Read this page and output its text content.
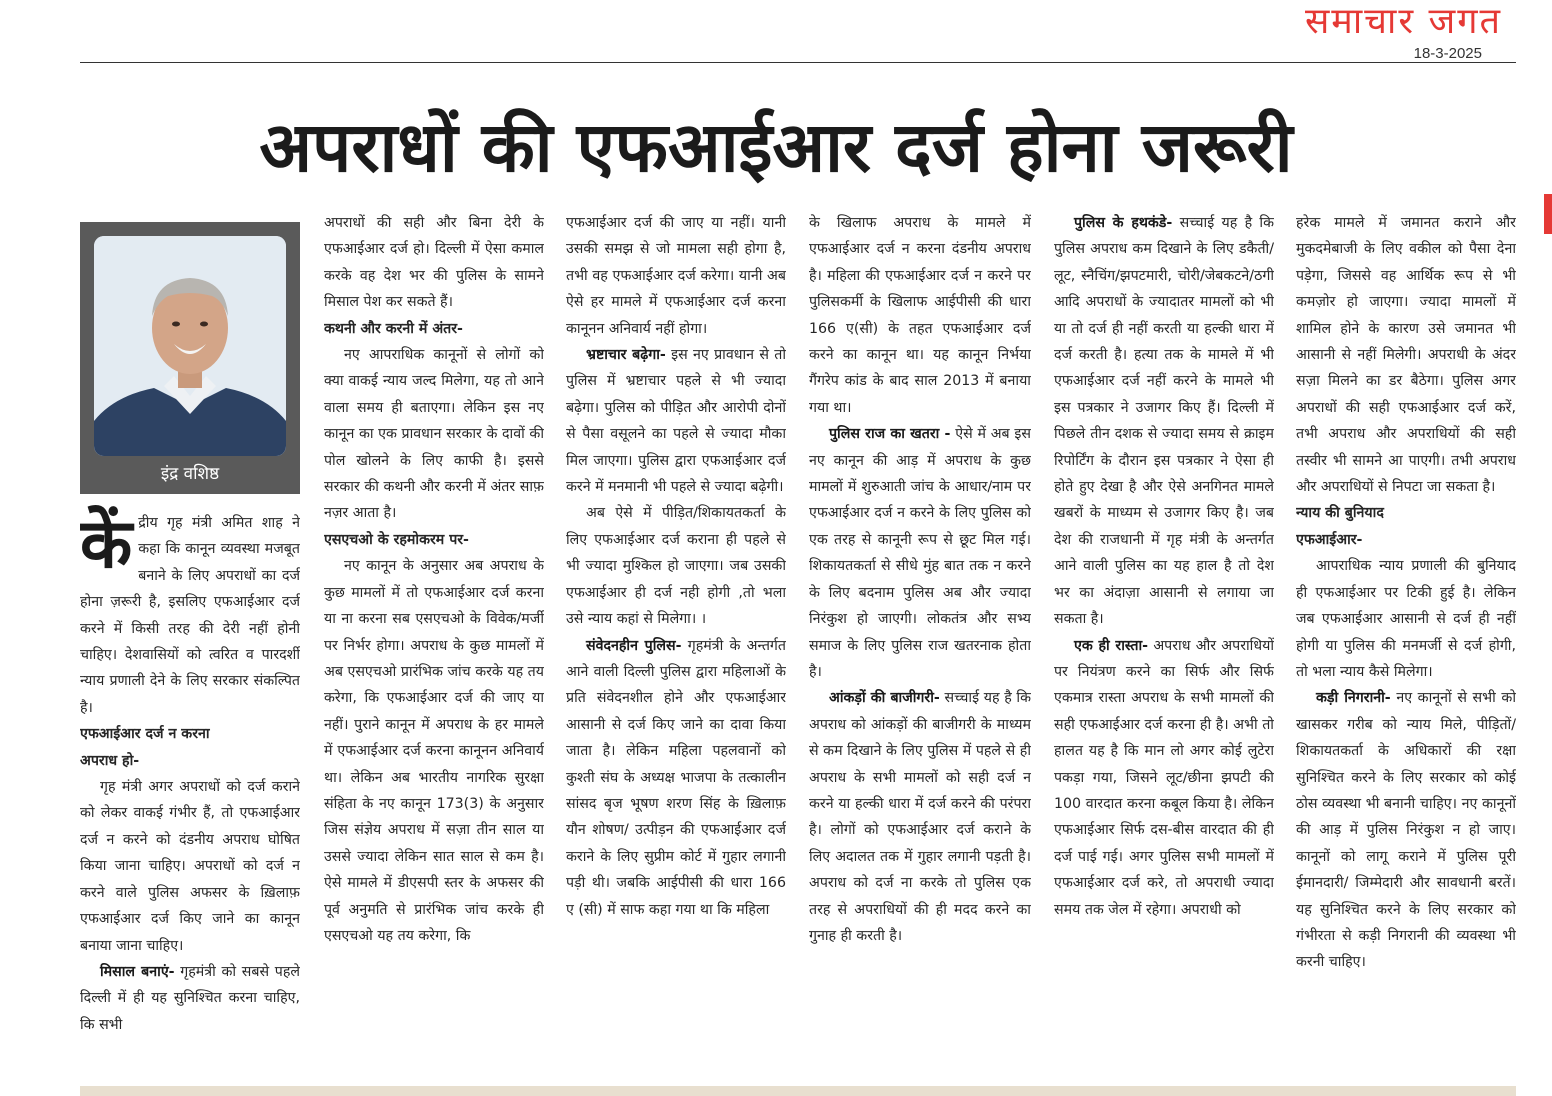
समाचार जगत
18-3-2025
अपराधों की एफआईआर दर्ज होना जरूरी
इंद्र वशिष्ठ
कें द्रीय गृह मंत्री अमित शाह ने कहा कि कानून व्यवस्था मजबूत बनाने के लिए अपराधों का दर्ज होना ज़रूरी है, इसलिए एफआईआर दर्ज करने में किसी तरह की देरी नहीं होनी चाहिए। देशवासियों को त्वरित व पारदर्शी न्याय प्रणाली देने के लिए सरकार संकल्पित है।

एफआईआर दर्ज न करना

अपराध हो-

गृह मंत्री अगर अपराधों को दर्ज कराने को लेकर वाकई गंभीर हैं, तो एफआईआर दर्ज न करने को दंडनीय अपराध घोषित किया जाना चाहिए। अपराधों को दर्ज न करने वाले पुलिस अफसर के ख़िलाफ़ एफआईआर दर्ज किए जाने का कानून बनाया जाना चाहिए।

मिसाल बनाएं- गृहमंत्री को सबसे पहले दिल्ली में ही यह सुनिश्चित करना चाहिए, कि सभी

अपराधों की सही और बिना देरी के एफआईआर दर्ज हो। दिल्ली में ऐसा कमाल करके वह देश भर की पुलिस के सामने मिसाल पेश कर सकते हैं।

कथनी और करनी में अंतर-

नए आपराधिक कानूनों से लोगों को क्या वाकई न्याय जल्द मिलेगा, यह तो आने वाला समय ही बताएगा। लेकिन इस नए कानून का एक प्रावधान सरकार के दावों की पोल खोलने के लिए काफी है। इससे सरकार की कथनी और करनी में अंतर साफ़ नज़र आता है।

एसएचओ के रहमोकरम पर-

नए कानून के अनुसार अब अपराध के कुछ मामलों में तो एफआईआर दर्ज करना या ना करना सब एसएचओ के विवेक/मर्जी पर निर्भर होगा। अपराध के कुछ मामलों में अब एसएचओ प्रारंभिक जांच करके यह तय करेगा, कि एफआईआर दर्ज की जाए या नहीं। पुराने कानून में अपराध के हर मामले में एफआईआर दर्ज करना कानूनन अनिवार्य था। लेकिन अब भारतीय नागरिक सुरक्षा संहिता के नए कानून 173(3) के अनुसार जिस संज्ञेय अपराध में सज़ा तीन साल या उससे ज्यादा लेकिन सात साल से कम है। ऐसे मामले में डीएसपी स्तर के अफसर की पूर्व अनुमति से प्रारंभिक जांच करके ही एसएचओ यह तय करेगा, कि

एफआईआर दर्ज की जाए या नहीं। यानी उसकी समझ से जो मामला सही होगा है, तभी वह एफआईआर दर्ज करेगा। यानी अब ऐसे हर मामले में एफआईआर दर्ज करना कानूनन अनिवार्य नहीं होगा।

भ्रष्टाचार बढ़ेगा- इस नए प्रावधान से तो पुलिस में भ्रष्टाचार पहले से भी ज्यादा बढ़ेगा। पुलिस को पीड़ित और आरोपी दोनों से पैसा वसूलने का पहले से ज्यादा मौका मिल जाएगा। पुलिस द्वारा एफआईआर दर्ज करने में मनमानी भी पहले से ज्यादा बढ़ेगी।

अब ऐसे में पीड़ित/शिकायतकर्ता के लिए एफआईआर दर्ज कराना ही पहले से भी ज्यादा मुश्किल हो जाएगा। जब उसकी एफआईआर ही दर्ज नही होगी ,तो भला उसे न्याय कहां से मिलेगा। ।

संवेदनहीन पुलिस- गृहमंत्री के अन्तर्गत आने वाली दिल्ली पुलिस द्वारा महिलाओं के प्रति संवेदनशील होने और एफआईआर आसानी से दर्ज किए जाने का दावा किया जाता है। लेकिन महिला पहलवानों को कुश्ती संघ के अध्यक्ष भाजपा के तत्कालीन सांसद बृज भूषण शरण सिंह के ख़िलाफ़ यौन शोषण/ उत्पीड़न की एफआईआर दर्ज कराने के लिए सुप्रीम कोर्ट में गुहार लगानी पड़ी थी। जबकि आईपीसी की धारा 166 ए (सी) में साफ कहा गया था कि महिला

के खिलाफ अपराध के मामले में एफआईआर दर्ज न करना दंडनीय अपराध है। महिला की एफआईआर दर्ज न करने पर पुलिसकर्मी के खिलाफ आईपीसी की धारा 166 ए(सी) के तहत एफआईआर दर्ज करने का कानून था। यह कानून निर्भया गैंगरेप कांड के बाद साल 2013 में बनाया गया था।

पुलिस राज का खतरा - ऐसे में अब इस नए कानून की आड़ में अपराध के कुछ मामलों में शुरुआती जांच के आधार/नाम पर एफआईआर दर्ज न करने के लिए पुलिस को एक तरह से कानूनी रूप से छूट मिल गई। शिकायतकर्ता से सीधे मुंह बात तक न करने के लिए बदनाम पुलिस अब और ज्यादा निरंकुश हो जाएगी। लोकतंत्र और सभ्य समाज के लिए पुलिस राज खतरनाक होता है।

आंकड़ों की बाजीगरी- सच्चाई यह है कि अपराध को आंकड़ों की बाजीगरी के माध्यम से कम दिखाने के लिए पुलिस में पहले से ही अपराध के सभी मामलों को सही दर्ज न करने या हल्की धारा में दर्ज करने की परंपरा है। लोगों को एफआईआर दर्ज कराने के लिए अदालत तक में गुहार लगानी पड़ती है। अपराध को दर्ज ना करके तो पुलिस एक तरह से अपराधियों की ही मदद करने का गुनाह ही करती है।

पुलिस के हथकंडे- सच्चाई यह है कि पुलिस अपराध कम दिखाने के लिए डकैती/लूट, स्नैचिंग/झपटमारी, चोरी/जेबकटने/ठगी आदि अपराधों के ज्यादातर मामलों को भी या तो दर्ज ही नहीं करती या हल्की धारा में दर्ज करती है। हत्या तक के मामले में भी एफआईआर दर्ज नहीं करने के मामले भी इस पत्रकार ने उजागर किए हैं। दिल्ली में पिछले तीन दशक से ज्यादा समय से क्राइम रिपोर्टिंग के दौरान इस पत्रकार ने ऐसा ही होते हुए देखा है और ऐसे अनगिनत मामले खबरों के माध्यम से उजागर किए है। जब देश की राजधानी में गृह मंत्री के अन्तर्गत आने वाली पुलिस का यह हाल है तो देश भर का अंदाज़ा आसानी से लगाया जा सकता है।

एक ही रास्ता- अपराध और अपराधियों पर नियंत्रण करने का सिर्फ और सिर्फ एकमात्र रास्ता अपराध के सभी मामलों की सही एफआईआर दर्ज करना ही है। अभी तो हालत यह है कि मान लो अगर कोई लुटेरा पकड़ा गया, जिसने लूट/छीना झपटी की 100 वारदात करना कबूल किया है। लेकिन एफआईआर सिर्फ दस-बीस वारदात की ही दर्ज पाई गई। अगर पुलिस सभी मामलों में एफआईआर दर्ज करे, तो अपराधी ज्यादा समय तक जेल में रहेगा। अपराधी को

हरेक मामले में जमानत कराने और मुकदमेबाजी के लिए वकील को पैसा देना पड़ेगा, जिससे वह आर्थिक रूप से भी कमज़ोर हो जाएगा। ज्यादा मामलों में शामिल होने के कारण उसे जमानत भी आसानी से नहीं मिलेगी। अपराधी के अंदर सज़ा मिलने का डर बैठेगा। पुलिस अगर अपराधों की सही एफआईआर दर्ज करें, तभी अपराध और अपराधियों की सही तस्वीर भी सामने आ पाएगी। तभी अपराध और अपराधियों से निपटा जा सकता है।

न्याय की बुनियाद

एफआईआर-

आपराधिक न्याय प्रणाली की बुनियाद ही एफआईआर पर टिकी हुई है। लेकिन जब एफआईआर आसानी से दर्ज ही नहीं होगी या पुलिस की मनमर्जी से दर्ज होगी, तो भला न्याय कैसे मिलेगा।

कड़ी निगरानी- नए कानूनों से सभी को खासकर गरीब को न्याय मिले, पीड़ितों/शिकायतकर्ता के अधिकारों की रक्षा सुनिश्चित करने के लिए सरकार को कोई ठोस व्यवस्था भी बनानी चाहिए। नए कानूनों की आड़ में पुलिस निरंकुश न हो जाए। कानूनों को लागू कराने में पुलिस पूरी ईमानदारी/ जिम्मेदारी और सावधानी बरतें। यह सुनिश्चित करने के लिए सरकार को गंभीरता से कड़ी निगरानी की व्यवस्था भी करनी चाहिए।
